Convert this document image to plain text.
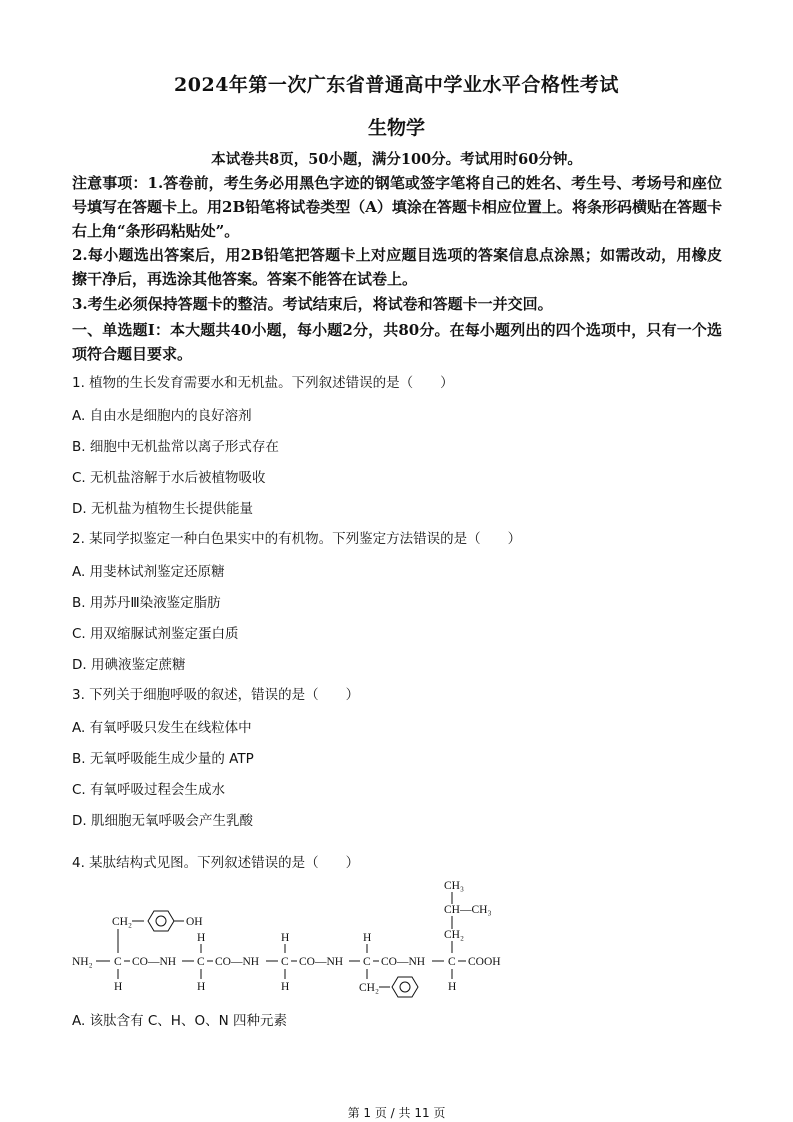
2024年第一次广东省普通高中学业水平合格性考试
生物学
本试卷共8页，50小题，满分100分。考试用时60分钟。
注意事项：1.答卷前，考生务必用黑色字迹的钢笔或签字笔将自己的姓名、考生号、考场号和座位号填写在答题卡上。用2B铅笔将试卷类型（A）填涂在答题卡相应位置上。将条形码横贴在答题卡右上角“条形码粘贴处”。
2.每小题选出答案后，用2B铅笔把答题卡上对应题目选项的答案信息点涂黑；如需改动，用橡皮擦干净后，再选涂其他答案。答案不能答在试卷上。
3.考生必须保持答题卡的整洁。考试结束后，将试卷和答题卡一并交回。
一、单选题Ⅰ：本大题共40小题，每小题2分，共80分。在每小题列出的四个选项中，只有一个选项符合题目要求。
1. 植物的生长发育需要水和无机盐。下列叙述错误的是（　　）
A. 自由水是细胞内的良好溶剂
B. 细胞中无机盐常以离子形式存在
C. 无机盐溶解于水后被植物吸收
D. 无机盐为植物生长提供能量
2. 某同学拟鉴定一种白色果实中的有机物。下列鉴定方法错误的是（　　）
A. 用斐林试剂鉴定还原糖
B. 用苏丹Ⅲ染液鉴定脂肪
C. 用双缩脲试剂鉴定蛋白质
D. 用碘液鉴定蔗糖
3. 下列关于细胞呼吸的叙述，错误的是（　　）
A. 有氧呼吸只发生在线粒体中
B. 无氧呼吸能生成少量的 ATP
C. 有氧呼吸过程会生成水
D. 肌细胞无氧呼吸会产生乳酸
4. 某肽结构式见图。下列叙述错误的是（　　）
CH₃
CH—CH₃
CH₂
CH₂	OH
H	H	H
NH₂ C CO—NH C CO—NH C CO—NH C CO—NH C COOH
H	H	H	H
CH₂
A. 该肽含有 C、H、O、N 四种元素
第 1 页 / 共 11 页
